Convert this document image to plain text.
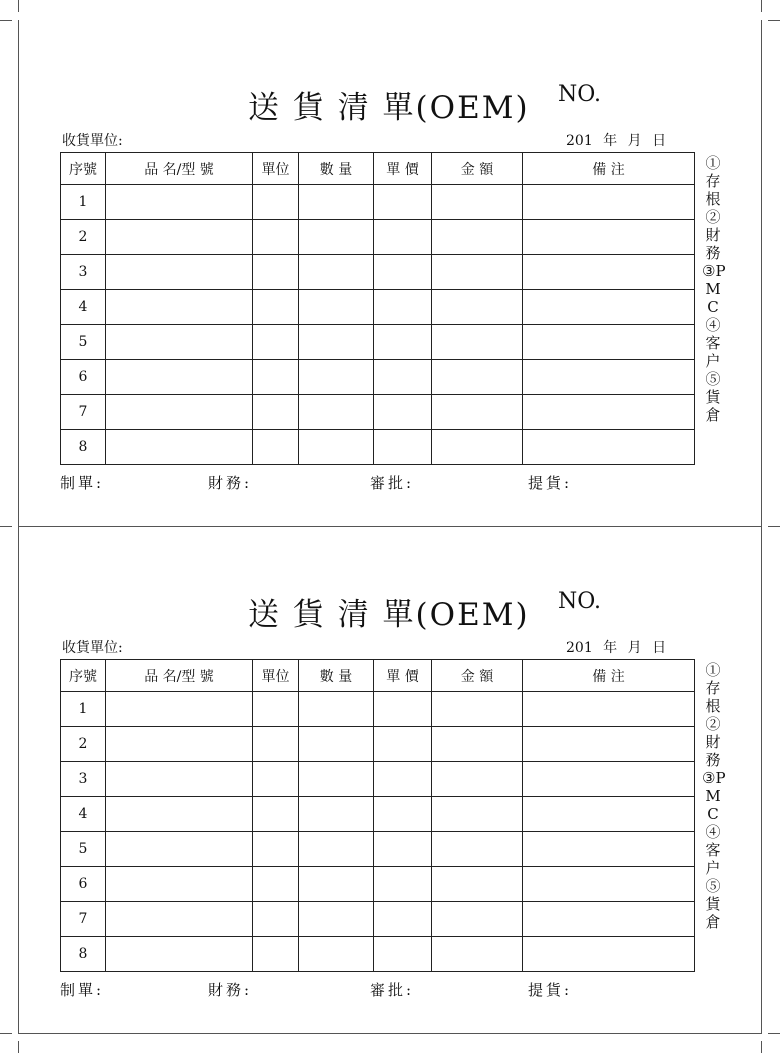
送 貨 清 單(OEM) NO.
收貨單位:	201 年 月 日
序號	品 名/型 號	單位	數 量	單 價	金 額	備 注
1						
2						
3						
4						
5						
6						
7						
8						
①存根
②財務
③P M C
④客户
⑤貨倉
制單:	財務:	審批:	提貨:
送 貨 清 單(OEM) NO.
收貨單位:	201 年 月 日
序號	品 名/型 號	單位	數 量	單 價	金 額	備 注
1						
2						
3						
4						
5						
6						
7						
8						
①存根
②財務
③P M C
④客户
⑤貨倉
制單:	財務:	審批:	提貨:
